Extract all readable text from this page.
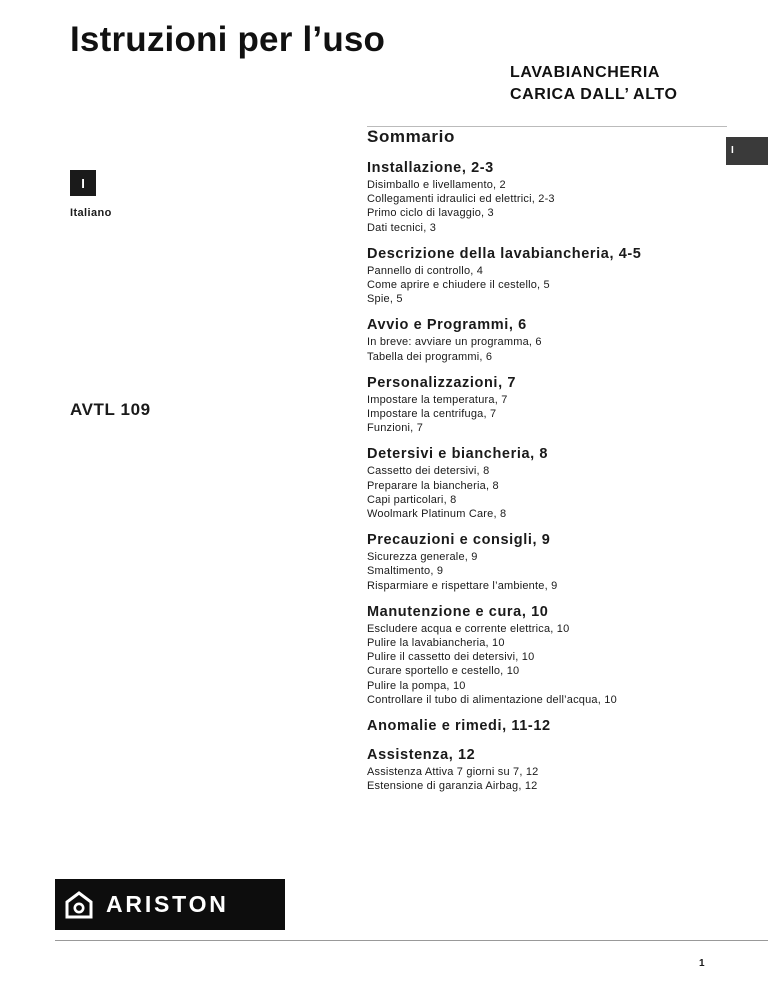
Istruzioni per l’uso
LAVABIANCHERIA
CARICA DALL’ ALTO
I
Italiano
I
AVTL 109
Sommario
Installazione, 2-3
Disimballo e livellamento, 2
Collegamenti idraulici ed elettrici, 2-3
Primo ciclo di lavaggio, 3
Dati tecnici, 3
Descrizione della lavabiancheria, 4-5
Pannello di controllo, 4
Come aprire e chiudere il cestello, 5
Spie, 5
Avvio e Programmi, 6
In breve: avviare un programma, 6
Tabella dei programmi, 6
Personalizzazioni, 7
Impostare la temperatura, 7
Impostare la centrifuga, 7
Funzioni, 7
Detersivi e biancheria, 8
Cassetto dei detersivi, 8
Preparare la biancheria, 8
Capi particolari, 8
Woolmark Platinum Care, 8
Precauzioni e consigli, 9
Sicurezza generale, 9
Smaltimento, 9
Risparmiare e rispettare l’ambiente, 9
Manutenzione e cura, 10
Escludere acqua e corrente elettrica, 10
Pulire la lavabiancheria, 10
Pulire il cassetto dei detersivi, 10
Curare sportello e cestello, 10
Pulire la pompa, 10
Controllare il tubo di alimentazione dell’acqua, 10
Anomalie e rimedi, 11-12
Assistenza, 12
Assistenza Attiva 7 giorni su 7, 12
Estensione di garanzia Airbag, 12
ARISTON
1
